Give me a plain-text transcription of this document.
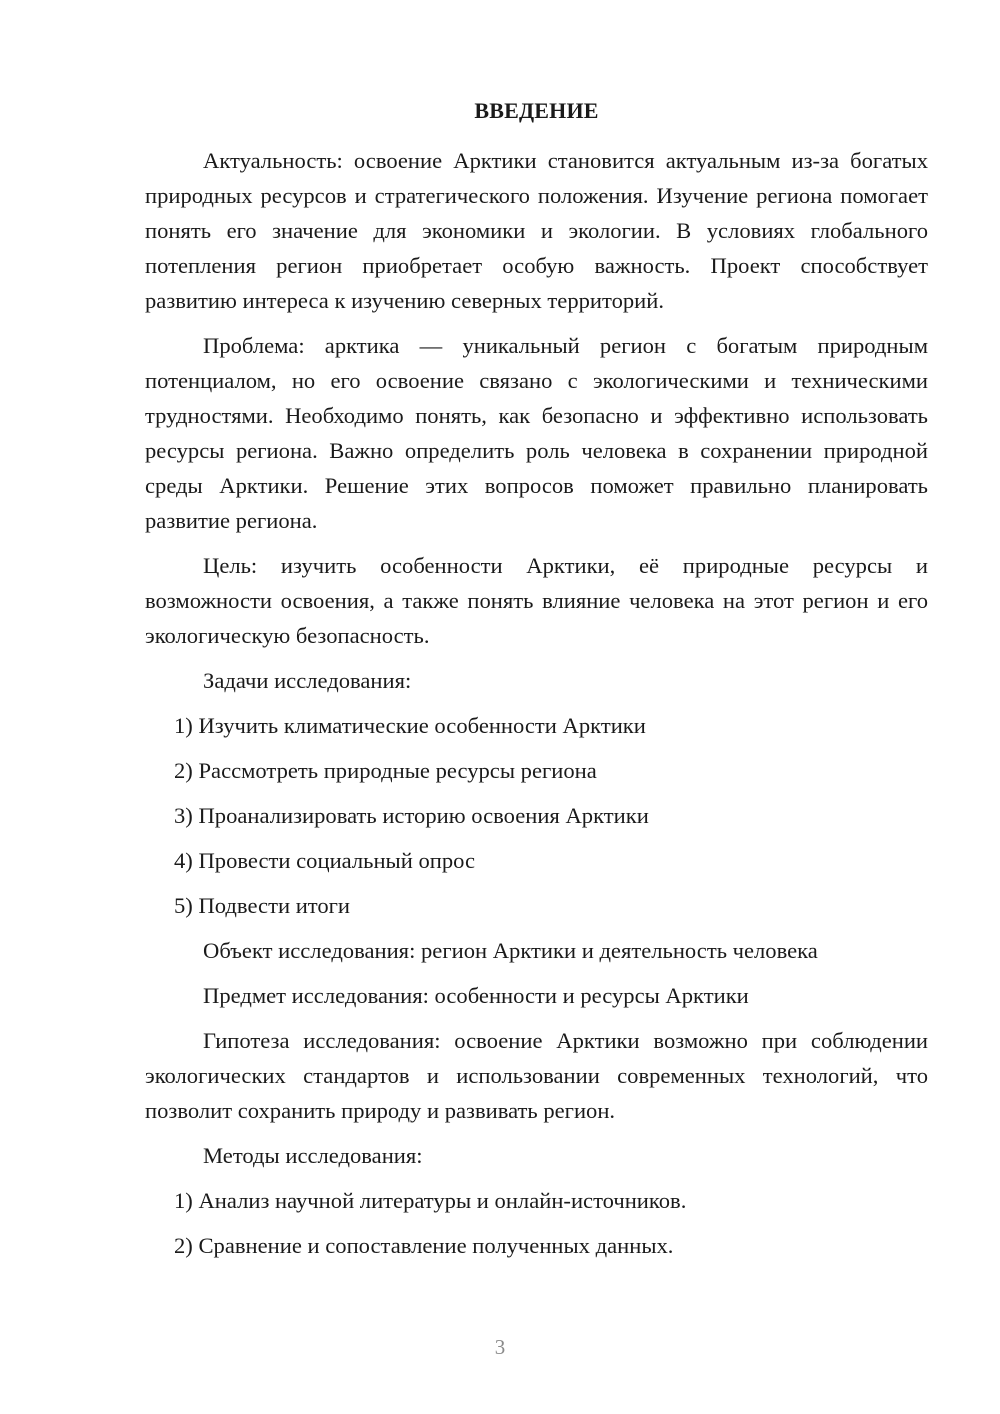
ВВЕДЕНИЕ

Актуальность: освоение Арктики становится актуальным из-за богатых природных ресурсов и стратегического положения. Изучение региона помогает понять его значение для экономики и экологии. В условиях глобального потепления регион приобретает особую важность. Проект способствует развитию интереса к изучению северных территорий.

Проблема: арктика — уникальный регион с богатым природным потенциалом, но его освоение связано с экологическими и техническими трудностями. Необходимо понять, как безопасно и эффективно использовать ресурсы региона. Важно определить роль человека в сохранении природной среды Арктики. Решение этих вопросов поможет правильно планировать развитие региона.

Цель: изучить особенности Арктики, её природные ресурсы и возможности освоения, а также понять влияние человека на этот регион и его экологическую безопасность.

Задачи исследования:

1) Изучить климатические особенности Арктики
2) Рассмотреть природные ресурсы региона
3) Проанализировать историю освоения Арктики
4) Провести социальный опрос
5) Подвести итоги

Объект исследования: регион Арктики и деятельность человека

Предмет исследования: особенности и ресурсы Арктики

Гипотеза исследования: освоение Арктики возможно при соблюдении экологических стандартов и использовании современных технологий, что позволит сохранить природу и развивать регион.

Методы исследования:

1) Анализ научной литературы и онлайн-источников.
2) Сравнение и сопоставление полученных данных.
3
